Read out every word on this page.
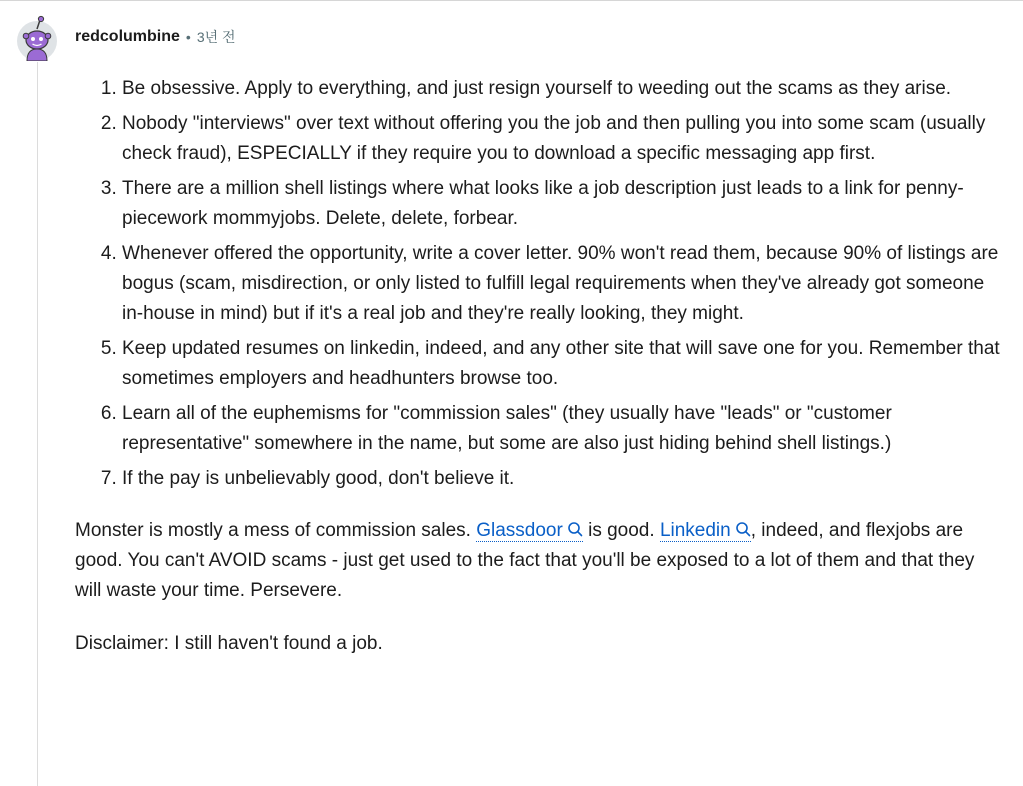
redcolumbine • 3년 전
1. Be obsessive. Apply to everything, and just resign yourself to weeding out the scams as they arise.
2. Nobody "interviews" over text without offering you the job and then pulling you into some scam (usually check fraud), ESPECIALLY if they require you to download a specific messaging app first.
3. There are a million shell listings where what looks like a job description just leads to a link for penny-piecework mommyjobs. Delete, delete, forbear.
4. Whenever offered the opportunity, write a cover letter. 90% won't read them, because 90% of listings are bogus (scam, misdirection, or only listed to fulfill legal requirements when they've already got someone in-house in mind) but if it's a real job and they're really looking, they might.
5. Keep updated resumes on linkedin, indeed, and any other site that will save one for you. Remember that sometimes employers and headhunters browse too.
6. Learn all of the euphemisms for "commission sales" (they usually have "leads" or "customer representative" somewhere in the name, but some are also just hiding behind shell listings.)
7. If the pay is unbelievably good, don't believe it.

Monster is mostly a mess of commission sales. Glassdoor is good. Linkedin , indeed, and flexjobs are good. You can't AVOID scams - just get used to the fact that you'll be exposed to a lot of them and that they will waste your time. Persevere.

Disclaimer: I still haven't found a job.
